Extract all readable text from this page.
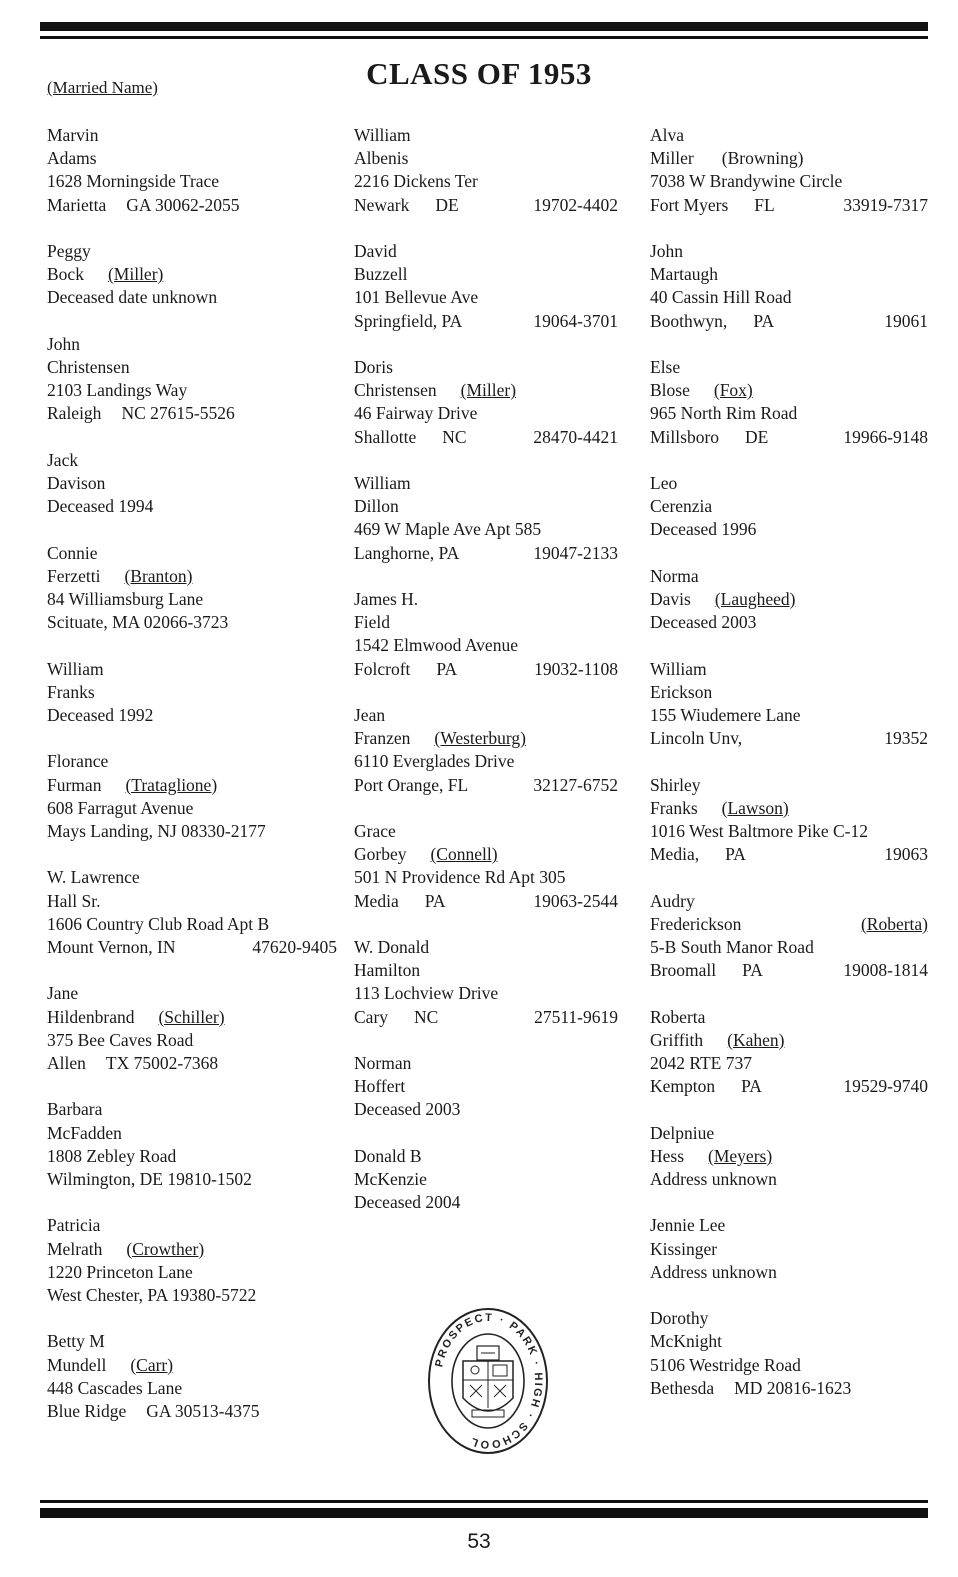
(Married Name)	CLASS OF 1953
Marvin
Adams
1628 Morningside Trace
Marietta GA 30062-2055
Peggy
Bock (Miller)
Deceased date unknown
John
Christensen
2103 Landings Way
Raleigh NC 27615-5526
Jack
Davison
Deceased 1994
Connie
Ferzetti (Branton)
84 Williamsburg Lane
Scituate, MA 02066-3723
William
Franks
Deceased 1992
Florance
Furman (Trataglione)
608 Farragut Avenue
Mays Landing, NJ 08330-2177
W. Lawrence
Hall Sr.
1606 Country Club Road Apt B
Mount Vernon, IN	47620-9405
Jane
Hildenbrand (Schiller)
375 Bee Caves Road
Allen TX 75002-7368
Barbara
McFadden
1808 Zebley Road
Wilmington, DE 19810-1502
Patricia
Melrath (Crowther)
1220 Princeton Lane
West Chester, PA 19380-5722
Betty M
Mundell (Carr)
448 Cascades Lane
Blue Ridge GA 30513-4375
William
Albenis
2216 Dickens Ter
Newark DE	19702-4402
David
Buzzell
101 Bellevue Ave
Springfield, PA	19064-3701
Doris
Christensen (Miller)
46 Fairway Drive
Shallotte NC	28470-4421
William
Dillon
469 W Maple Ave Apt 585
Langhorne, PA	19047-2133
James H.
Field
1542 Elmwood Avenue
Folcroft PA	19032-1108
Jean
Franzen (Westerburg)
6110 Everglades Drive
Port Orange, FL	32127-6752
Grace
Gorbey (Connell)
501 N Providence Rd Apt 305
Media PA	19063-2544
W. Donald
Hamilton
113 Lochview Drive
Cary NC	27511-9619
Norman
Hoffert
Deceased 2003
Donald B
McKenzie
Deceased 2004
Alva
Miller (Browning)
7038 W Brandywine Circle
Fort Myers FL	33919-7317
John
Martaugh
40 Cassin Hill Road
Boothwyn, PA	19061
Else
Blose (Fox)
965 North Rim Road
Millsboro DE	19966-9148
Leo
Cerenzia
Deceased 1996
Norma
Davis (Laugheed)
Deceased 2003
William
Erickson
155 Wiudemere Lane
Lincoln Unv,	19352
Shirley
Franks (Lawson)
1016 West Baltmore Pike C-12
Media, PA	19063
Audry
Frederickson	(Roberta)
5-B South Manor Road
Broomall PA	19008-1814
Roberta
Griffith (Kahen)
2042 RTE 737
Kempton PA	19529-9740
Delpniue
Hess (Meyers)
Address unknown
Jennie Lee
Kissinger
Address unknown
Dorothy
McKnight
5106 Westridge Road
Bethesda MD 20816-1623
PROSPECT · PARK · HIGH · SCHOOL
53
